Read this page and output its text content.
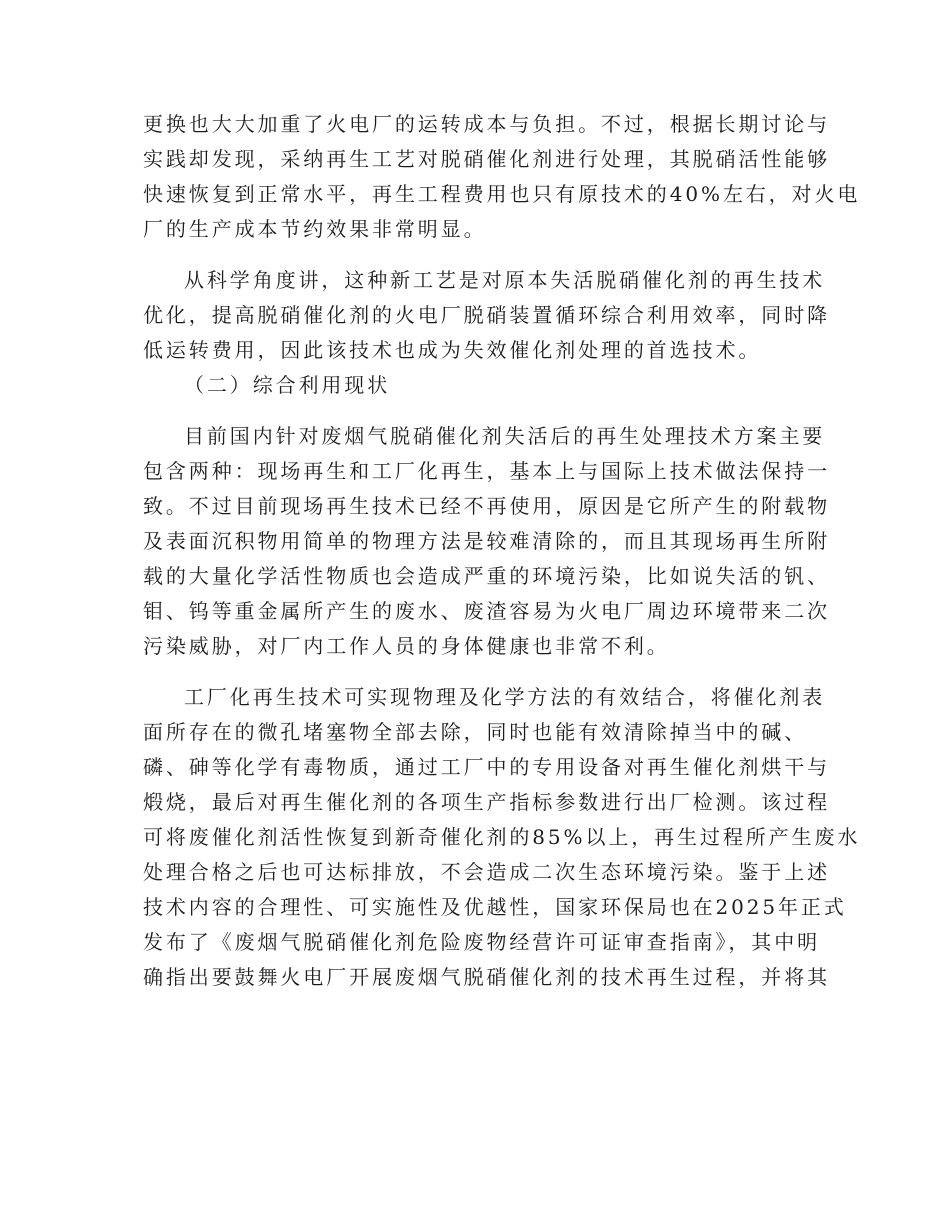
更换也大大加重了火电厂的运转成本与负担。不过，根据长期讨论与
实践却发现，采纳再生工艺对脱硝催化剂进行处理，其脱硝活性能够
快速恢复到正常水平，再生工程费用也只有原技术的40%左右，对火电
厂的生产成本节约效果非常明显。
从科学角度讲，这种新工艺是对原本失活脱硝催化剂的再生技术
优化，提高脱硝催化剂的火电厂脱硝装置循环综合利用效率，同时降
低运转费用，因此该技术也成为失效催化剂处理的首选技术。
（二）综合利用现状
目前国内针对废烟气脱硝催化剂失活后的再生处理技术方案主要
包含两种：现场再生和工厂化再生，基本上与国际上技术做法保持一
致。不过目前现场再生技术已经不再使用，原因是它所产生的附载物
及表面沉积物用简单的物理方法是较难清除的，而且其现场再生所附
载的大量化学活性物质也会造成严重的环境污染，比如说失活的钒、
钼、钨等重金属所产生的废水、废渣容易为火电厂周边环境带来二次
污染威胁，对厂内工作人员的身体健康也非常不利。
工厂化再生技术可实现物理及化学方法的有效结合，将催化剂表
面所存在的微孔堵塞物全部去除，同时也能有效清除掉当中的碱、
磷、砷等化学有毒物质，通过工厂中的专用设备对再生催化剂烘干与
煅烧，最后对再生催化剂的各项生产指标参数进行出厂检测。该过程
可将废催化剂活性恢复到新奇催化剂的85%以上，再生过程所产生废水
处理合格之后也可达标排放，不会造成二次生态环境污染。鉴于上述
技术内容的合理性、可实施性及优越性，国家环保局也在2025年正式
发布了《废烟气脱硝催化剂危险废物经营许可证审查指南》，其中明
确指出要鼓舞火电厂开展废烟气脱硝催化剂的技术再生过程，并将其
